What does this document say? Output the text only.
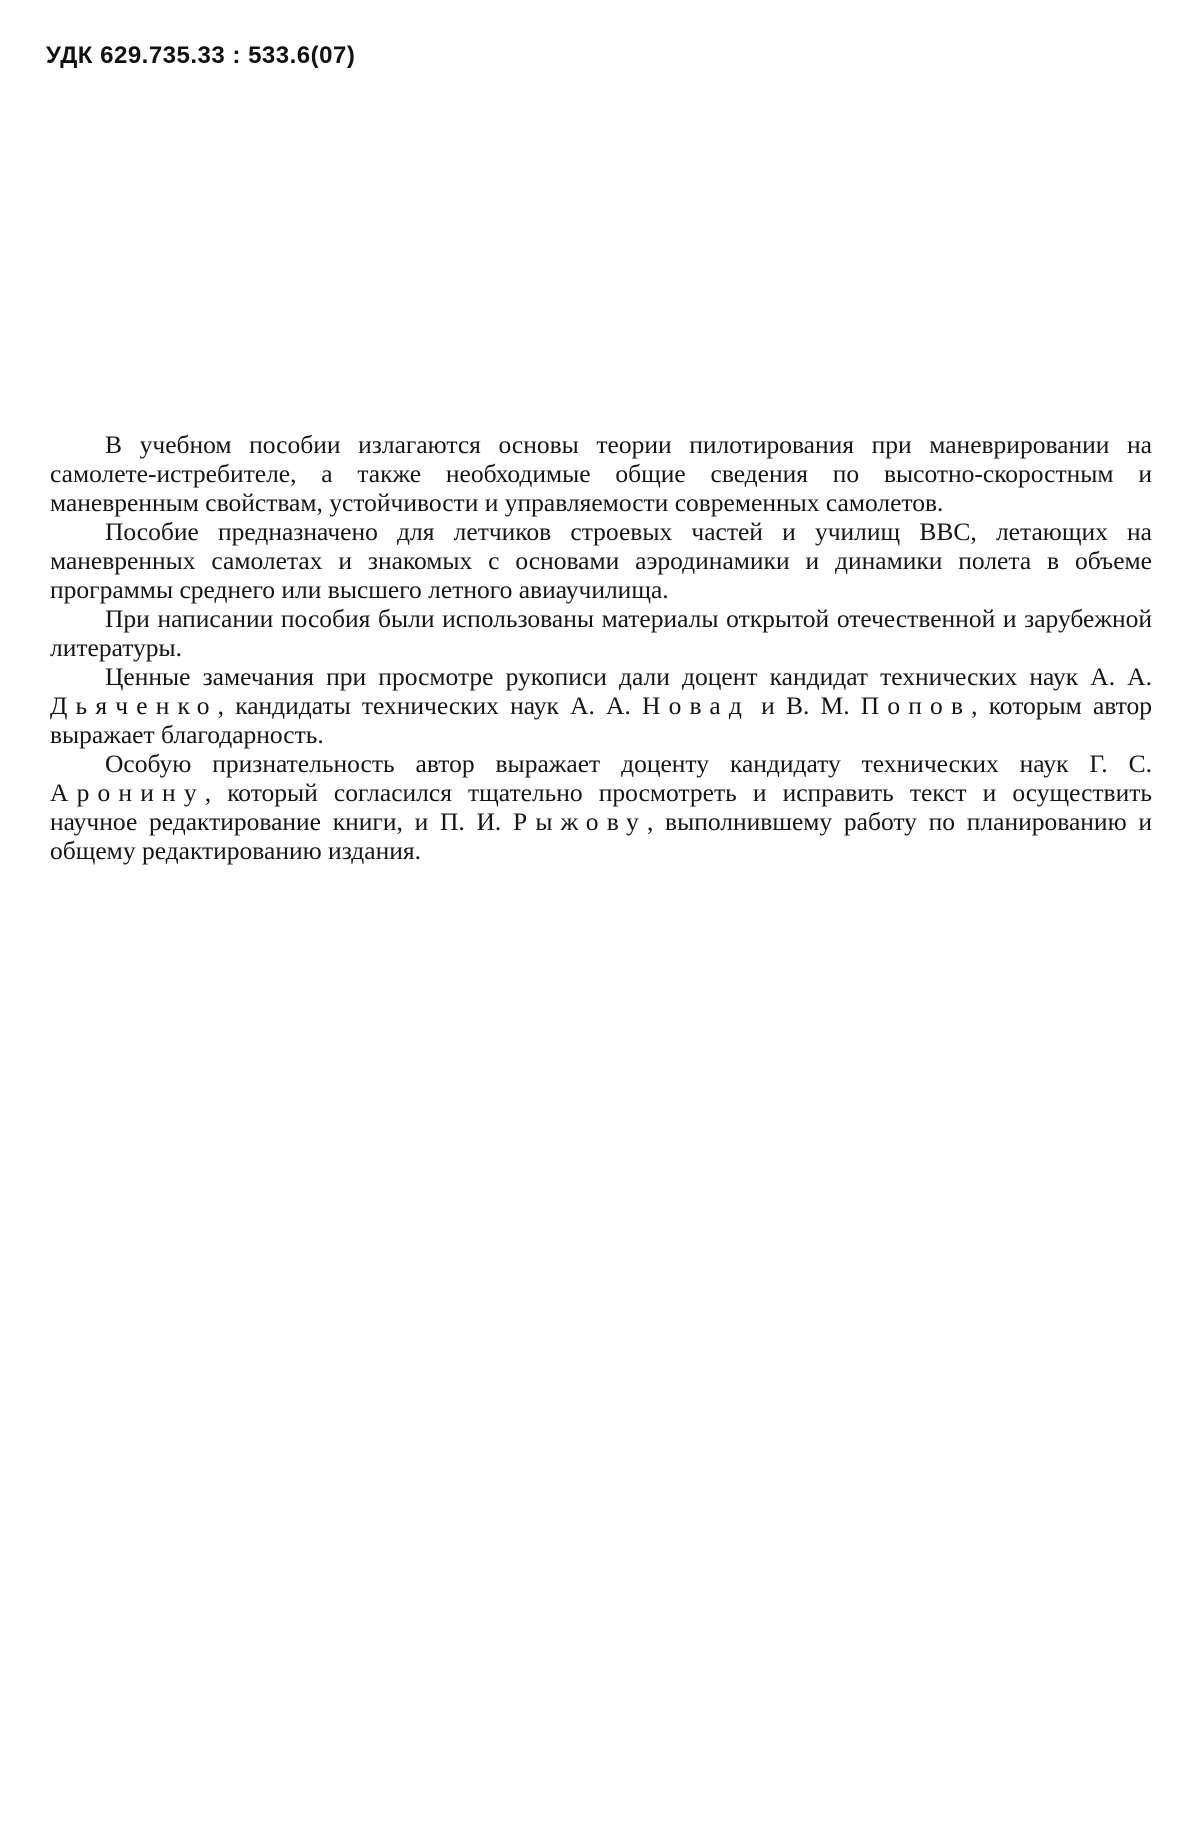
УДК 629.735.33 : 533.6(07)

В учебном пособии излагаются основы теории пилотирования при маневрировании на самолете-истребителе, а также необходимые общие сведения по высотно-скоростным и маневренным свойствам, устойчивости и управляемости современных самолетов.

Пособие предназначено для летчиков строевых частей и училищ ВВС, летающих на маневренных самолетах и знакомых с основами аэродинамики и динамики полета в объеме программы среднего или высшего летного авиаучилища.

При написании пособия были использованы материалы открытой отечественной и зарубежной литературы.

Ценные замечания при просмотре рукописи дали доцент кандидат технических наук А. А. Дьяченко, кандидаты технических наук А. А. Новад и В. М. Попов, которым автор выражает благодарность.

Особую признательность автор выражает доценту кандидату технических наук Г. С. Аронину, который согласился тщательно просмотреть и исправить текст и осуществить научное редактирование книги, и П. И. Рыжову, выполнившему работу по планированию и общему редактированию издания.
